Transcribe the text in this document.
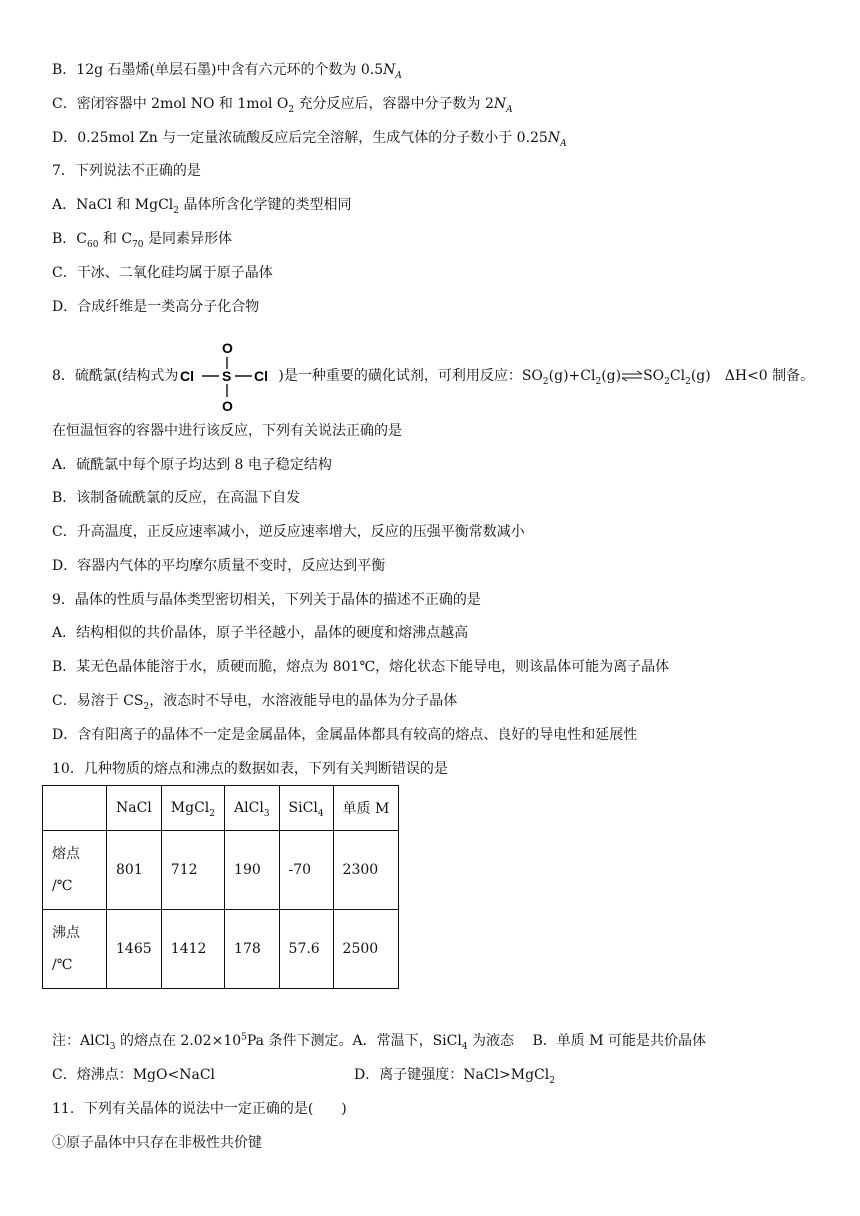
B．12g 石墨烯(单层石墨)中含有六元环的个数为 $0.5N_A$
C．密闭容器中 2mol NO 和 1mol $O_2$ 充分反应后，容器中分子数为 $2N_A$
D．0.25mol Zn 与一定量浓硫酸反应后完全溶解，生成气体的分子数小于 $0.25N_A$
7．下列说法不正确的是
A．NaCl 和 MgCl$_2$ 晶体所含化学键的类型相同
B．$C_{60}$ 和 $C_{70}$ 是同素异形体
C．干冰、二氧化硅均属于原子晶体
D．合成纤维是一类高分子化合物
8．硫酰氯(结构式为
O
Cl S Cl
O
)是一种重要的磺化试剂，可利用反应：$SO_2(g)+Cl_2(g)\rightleftharpoons SO_2Cl_2(g)$　ΔH<0 制备。
在恒温恒容的容器中进行该反应，下列有关说法正确的是
A．硫酰氯中每个原子均达到 8 电子稳定结构
B．该制备硫酰氯的反应，在高温下自发
C．升高温度，正反应速率减小，逆反应速率增大，反应的压强平衡常数减小
D．容器内气体的平均摩尔质量不变时，反应达到平衡
9．晶体的性质与晶体类型密切相关，下列关于晶体的描述不正确的是
A．结构相似的共价晶体，原子半径越小，晶体的硬度和熔沸点越高
B．某无色晶体能溶于水，质硬而脆，熔点为 801℃，熔化状态下能导电，则该晶体可能为离子晶体
C．易溶于 $CS_2$，液态时不导电，水溶液能导电的晶体为分子晶体
D．含有阳离子的晶体不一定是金属晶体，金属晶体都具有较高的熔点、良好的导电性和延展性
10．几种物质的熔点和沸点的数据如表，下列有关判断错误的是
	NaCl	MgCl$_2$	AlCl$_3$	SiCl$_4$	单质 M

熔点
/℃	801	712	190	-70	2300

沸点
/℃	1465	1412	178	57.6	2500
注：AlCl$_3$ 的熔点在 $2.02\times 10^5Pa$ 条件下测定。A．常温下，SiCl$_4$ 为液态　 B．单质 M 可能是共价晶体
C．熔沸点：MgO<NaCl	D．离子键强度：NaCl>MgCl$_2$
11．下列有关晶体的说法中一定正确的是(　　)
①原子晶体中只存在非极性共价键
